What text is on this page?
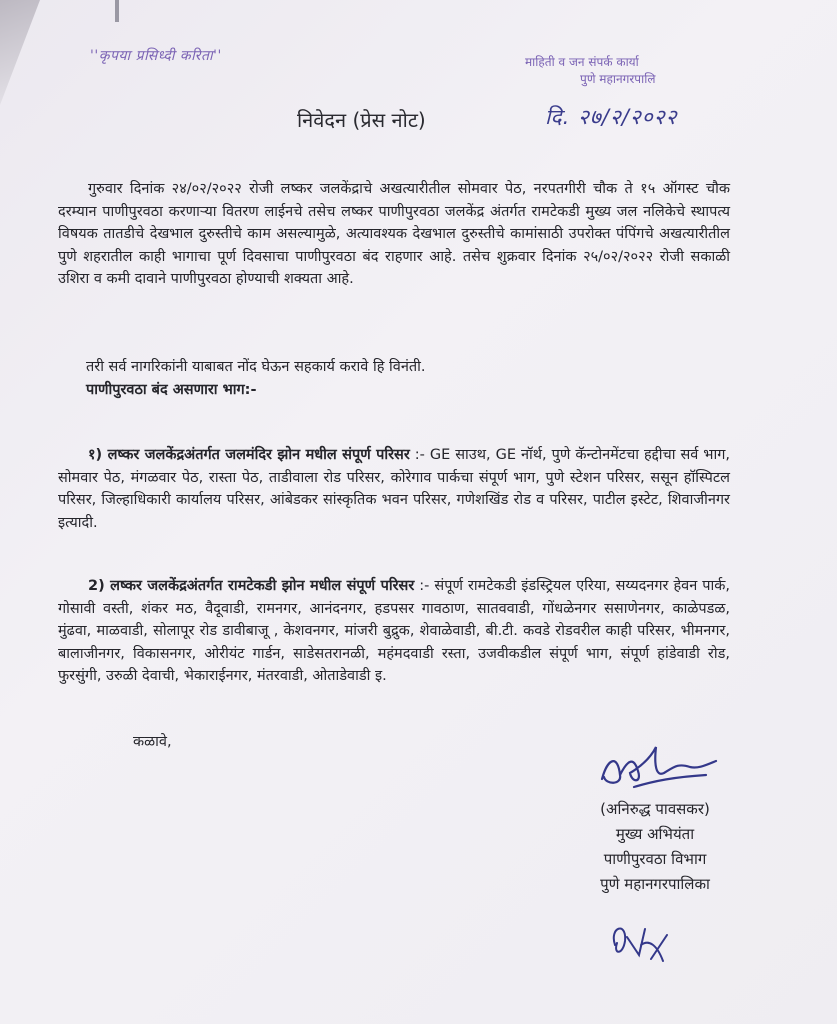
''कृपया प्रसिध्दी करिता''	माहिती व जन संपर्क कार्या
पुणे महानगरपालि
निवेदन (प्रेस नोट)	दि. २७/२/२०२२
गुरुवार दिनांक २४/०२/२०२२ रोजी लष्कर जलकेंद्राचे अखत्यारीतील सोमवार पेठ, नरपतगीरी चौक ते १५ ऑगस्ट चौक दरम्यान पाणीपुरवठा करणाऱ्या वितरण लाईनचे तसेच लष्कर पाणीपुरवठा जलकेंद्र अंतर्गत रामटेकडी मुख्य जल नलिकेचे स्थापत्य विषयक तातडीचे देखभाल दुरुस्तीचे काम असल्यामुळे, अत्यावश्यक देखभाल दुरुस्तीचे कामांसाठी उपरोक्त पंपिंगचे अखत्यारीतील पुणे शहरातील काही भागाचा पूर्ण दिवसाचा पाणीपुरवठा बंद राहणार आहे. तसेच शुक्रवार दिनांक २५/०२/२०२२ रोजी सकाळी उशिरा व कमी दावाने पाणीपुरवठा होण्याची शक्यता आहे.
तरी सर्व नागरिकांनी याबाबत नोंद घेऊन सहकार्य करावे हि विनंती.
पाणीपुरवठा बंद असणारा भाग:-
१) लष्कर जलकेंद्रअंतर्गत जलमंदिर झोन मधील संपूर्ण परिसर :- GE साउथ, GE नॉर्थ, पुणे कॅन्टोनमेंटचा हद्दीचा सर्व भाग, सोमवार पेठ, मंगळवार पेठ, रास्ता पेठ, ताडीवाला रोड परिसर, कोरेगाव पार्कचा संपूर्ण भाग, पुणे स्टेशन परिसर, ससून हॉस्पिटल परिसर, जिल्हाधिकारी कार्यालय परिसर, आंबेडकर सांस्कृतिक भवन परिसर, गणेशखिंड रोड व परिसर, पाटील इस्टेट, शिवाजीनगर इत्यादी.
2) लष्कर जलकेंद्रअंतर्गत रामटेकडी झोन मधील संपूर्ण परिसर :- संपूर्ण रामटेकडी इंडस्ट्रियल एरिया, सय्यदनगर हेवन पार्क, गोसावी वस्ती, शंकर मठ, वैदूवाडी, रामनगर, आनंदनगर, हडपसर गावठाण, सातववाडी, गोंधळेनगर ससाणेनगर, काळेपडळ, मुंढवा, माळवाडी, सोलापूर रोड डावीबाजू , केशवनगर, मांजरी बुद्रुक, शेवाळेवाडी, बी.टी. कवडे रोडवरील काही परिसर, भीमनगर, बालाजीनगर, विकासनगर, ओरीयंट गार्डन, साडेसतरानळी, महंमदवाडी रस्ता, उजवीकडील संपूर्ण भाग, संपूर्ण हांडेवाडी रोड, फुरसुंगी, उरुळी देवाची, भेकाराईनगर, मंतरवाडी, ओताडेवाडी इ.
कळावे,
(अनिरुद्ध पावसकर)
मुख्य अभियंता
पाणीपुरवठा विभाग
पुणे महानगरपालिका
